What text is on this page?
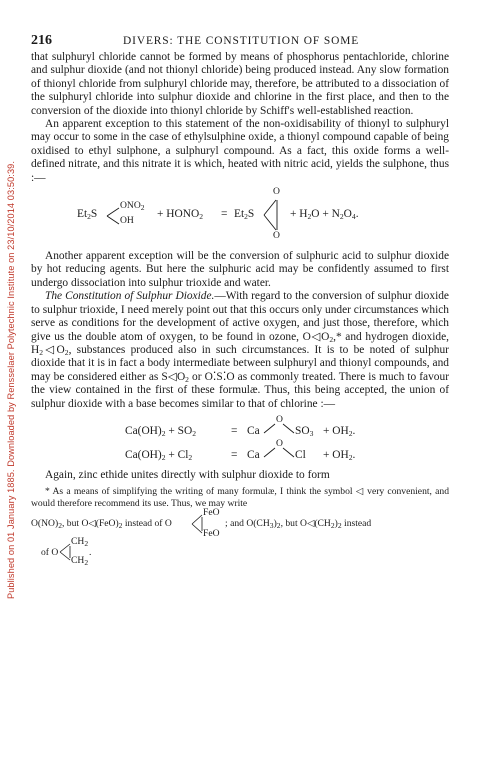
Published on 01 January 1885. Downloaded by Rensselaer Polytechnic Institute on 23/10/2014 03:50:39.
216	DIVERS: THE CONSTITUTION OF SOME

that sulphuryl chloride cannot be formed by means of phosphorus pentachloride, chlorine and sulphur dioxide (and not thionyl chloride) being produced instead. Any slow formation of thionyl chloride from sulphuryl chloride may, therefore, be attributed to a dissociation of the sulphuryl chloride into sulphur dioxide and chlorine in the first place, and then to the conversion of the dioxide into thionyl chloride by Schiff's well-established reaction.

An apparent exception to this statement of the non-oxidisability of thionyl to sulphuryl may occur to some in the case of ethylsulphine oxide, a thionyl compound capable of being oxidised to ethyl sulphone, a sulphuryl compound. As a fact, this oxide forms a well-defined nitrate, and this nitrate it is which, heated with nitric acid, yields the sulphone, thus :—

$Et_2S$
$ONO_2$
OH
+ $HONO_2 = Et_2S$
O
O
+ $H_2O + N_2O_4$.

Another apparent exception will be the conversion of sulphuric acid to sulphur dioxide by hot reducing agents. But here the sulphuric acid may be confidently assumed to first undergo dissociation into sulphur trioxide and water.

The Constitution of Sulphur Dioxide.—With regard to the conversion of sulphur dioxide to sulphur trioxide, I need merely point out that this occurs only under circumstances which serve as conditions for the development of active oxygen, and just those, therefore, which give us the double atom of oxygen, to be found in ozone, $O◁O_2,*$ and hydrogen dioxide, $H_2◁O_2$, substances produced also in such circumstances. It is to be noted of sulphur dioxide that it is in fact a body intermediate between sulphuryl and thionyl compounds, and may be considered either as $S◁O_2$ or O⁚S⁚O as commonly treated. There is much to favour the view contained in the first of these formulæ. Thus, this being accepted, the union of sulphur dioxide with a base becomes similar to that of chlorine :—

$Ca(OH)_2 + SO_2$	= Ca
O
$SO_3 + OH_2$.
$Ca(OH)_2 + Cl_2$	= Ca
O
$Cl + OH_2$.

Again, zinc ethide unites directly with sulphur dioxide to form

* As a means of simplifying the writing of many formulæ, I think the symbol ◁ very convenient, and would therefore recommend its use. Thus, we may write

$O(NO)_2$, but $O◁(FeO)_2$ instead of O
FeO
FeO
; and $O(CH_3)_2$, but $O◁(CH_2)_2$ instead
of O
$CH_2$
$CH_2$
.
